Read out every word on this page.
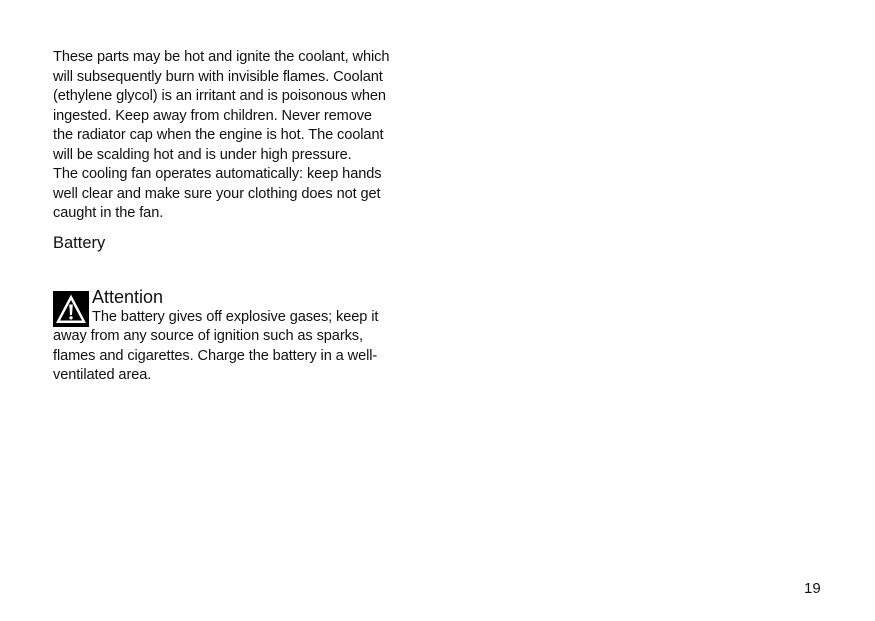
These parts may be hot and ignite the coolant, which
will subsequently burn with invisible flames. Coolant
(ethylene glycol) is an irritant and is poisonous when
ingested. Keep away from children. Never remove
the radiator cap when the engine is hot. The coolant
will be scalding hot and is under high pressure.
The cooling fan operates automatically: keep hands
well clear and make sure your clothing does not get
caught in the fan.
Battery
Attention
The battery gives off explosive gases; keep it
away from any source of ignition such as sparks,
flames and cigarettes. Charge the battery in a well-
ventilated area.
19
